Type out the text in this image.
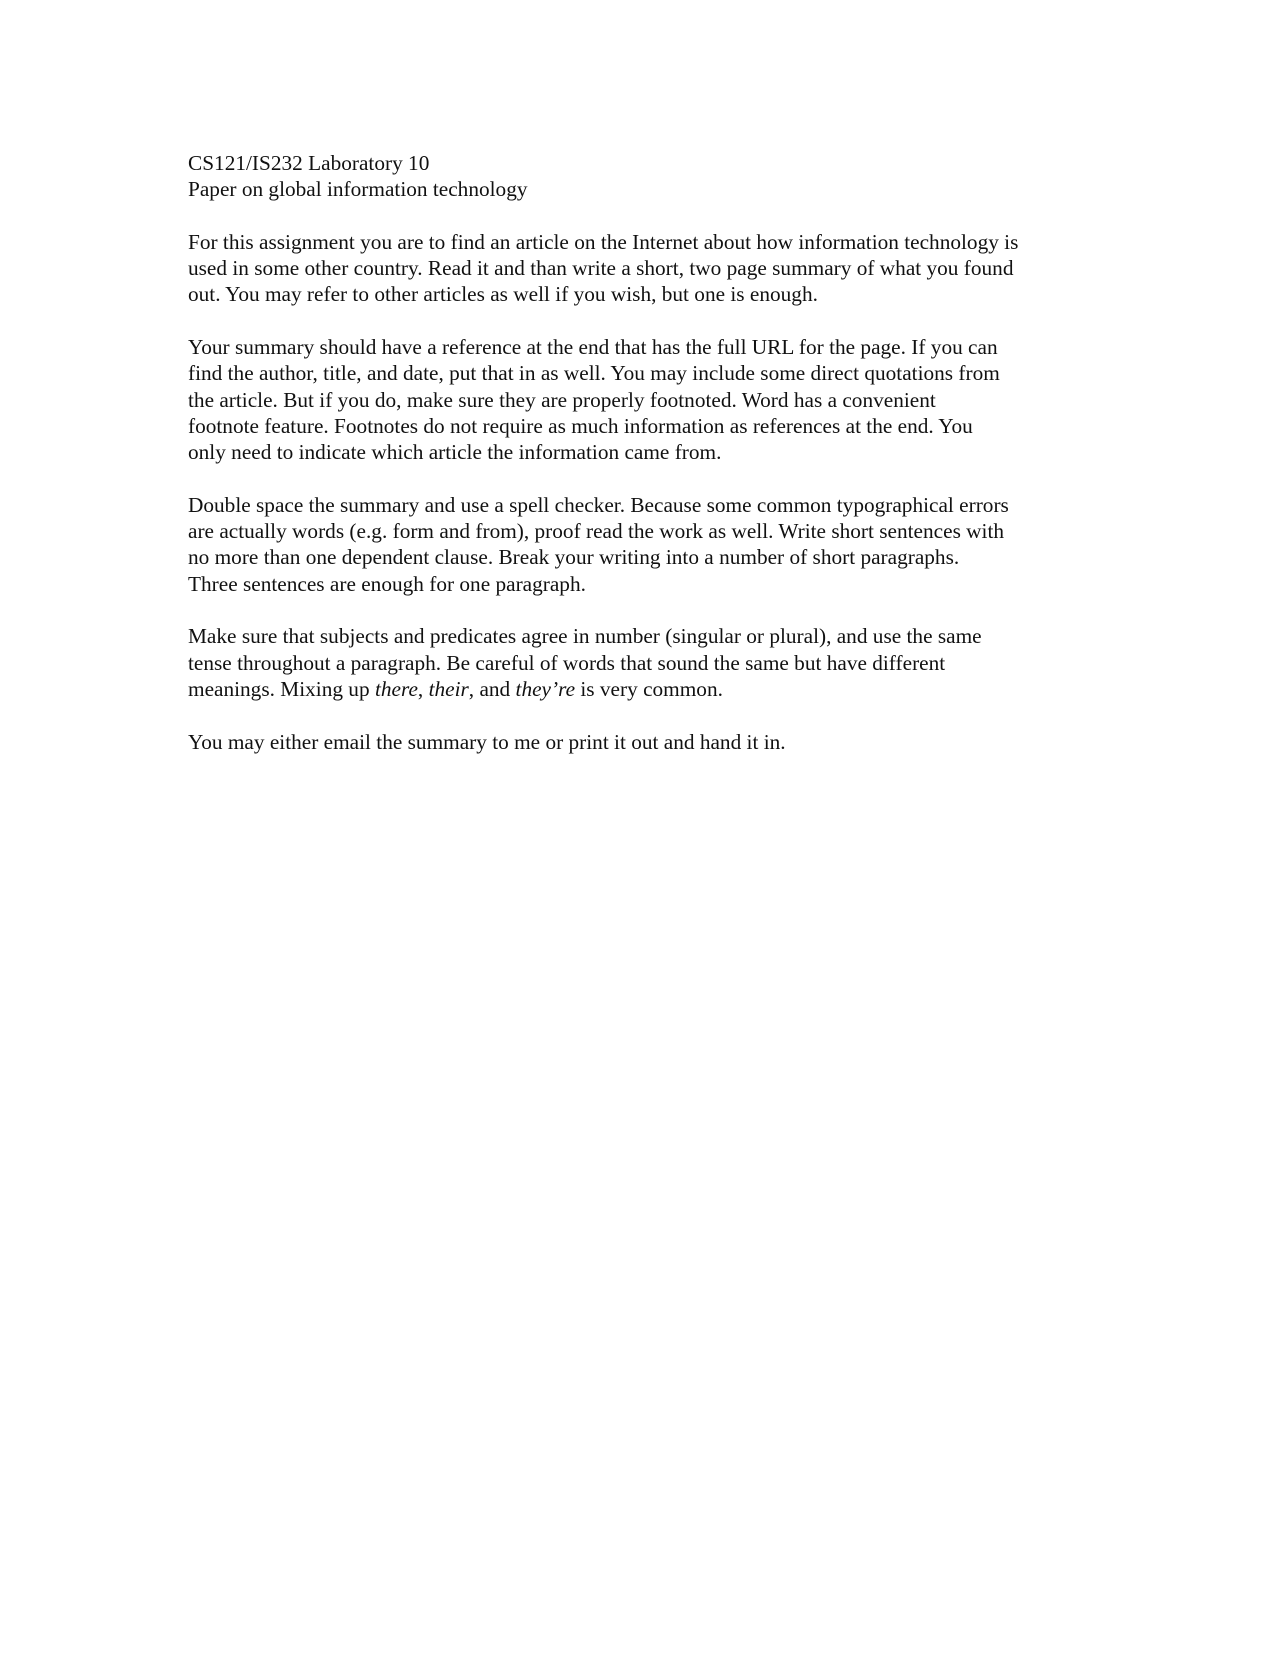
CS121/IS232 Laboratory 10
Paper on global information technology
For this assignment you are to find an article on the Internet about how information technology is
used in some other country. Read it and than write a short, two page summary of what you found
out. You may refer to other articles as well if you wish, but one is enough.
Your summary should have a reference at the end that has the full URL for the page. If you can
find the author, title, and date, put that in as well. You may include some direct quotations from
the article. But if you do, make sure they are properly footnoted. Word has a convenient
footnote feature. Footnotes do not require as much information as references at the end. You
only need to indicate which article the information came from.
Double space the summary and use a spell checker. Because some common typographical errors
are actually words (e.g. form and from), proof read the work as well. Write short sentences with
no more than one dependent clause. Break your writing into a number of short paragraphs.
Three sentences are enough for one paragraph.
Make sure that subjects and predicates agree in number (singular or plural), and use the same
tense throughout a paragraph. Be careful of words that sound the same but have different
meanings. Mixing up there, their, and they’re is very common.
You may either email the summary to me or print it out and hand it in.
